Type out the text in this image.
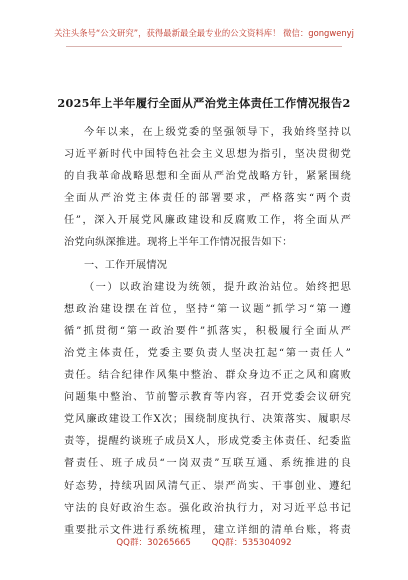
关注头条号“公文研究”，获得最新最全最专业的公文资料库！ 微信：gongwenyj
2025年上半年履行全面从严治党主体责任工作情况报告2
今年以来，在上级党委的坚强领导下，我始终坚持以
习近平新时代中国特色社会主义思想为指引，坚决贯彻党
的自我革命战略思想和全面从严治党战略方针，紧紧围绕
全面从严治党主体责任的部署要求，严格落实“两个责
任”，深入开展党风廉政建设和反腐败工作，将全面从严
治党向纵深推进。现将上半年工作情况报告如下：
一、工作开展情况
（一）以政治建设为统领，提升政治站位。始终把思
想政治建设摆在首位，坚持“第一议题”抓学习“第一遵
循”抓贯彻“第一政治要件”抓落实，积极履行全面从严
治党主体责任，党委主要负责人坚决扛起“第一责任人”
责任。结合纪律作风集中整治、群众身边不正之风和腐败
问题集中整治、节前警示教育等内容，召开党委会议研究
党风廉政建设工作X次；围绕制度执行、决策落实、履职尽
责等，提醒约谈班子成员X人，形成党委主体责任、纪委监
督责任、班子成员“一岗双责”互联互通、系统推进的良
好态势，持续巩固风清气正、崇严尚实、干事创业、遵纪
守法的良好政治生态。强化政治执行力，对习近平总书记
重要批示文件进行系统梳理，建立详细的清单台账，将责
QQ群：30265665 QQ群：535304092
